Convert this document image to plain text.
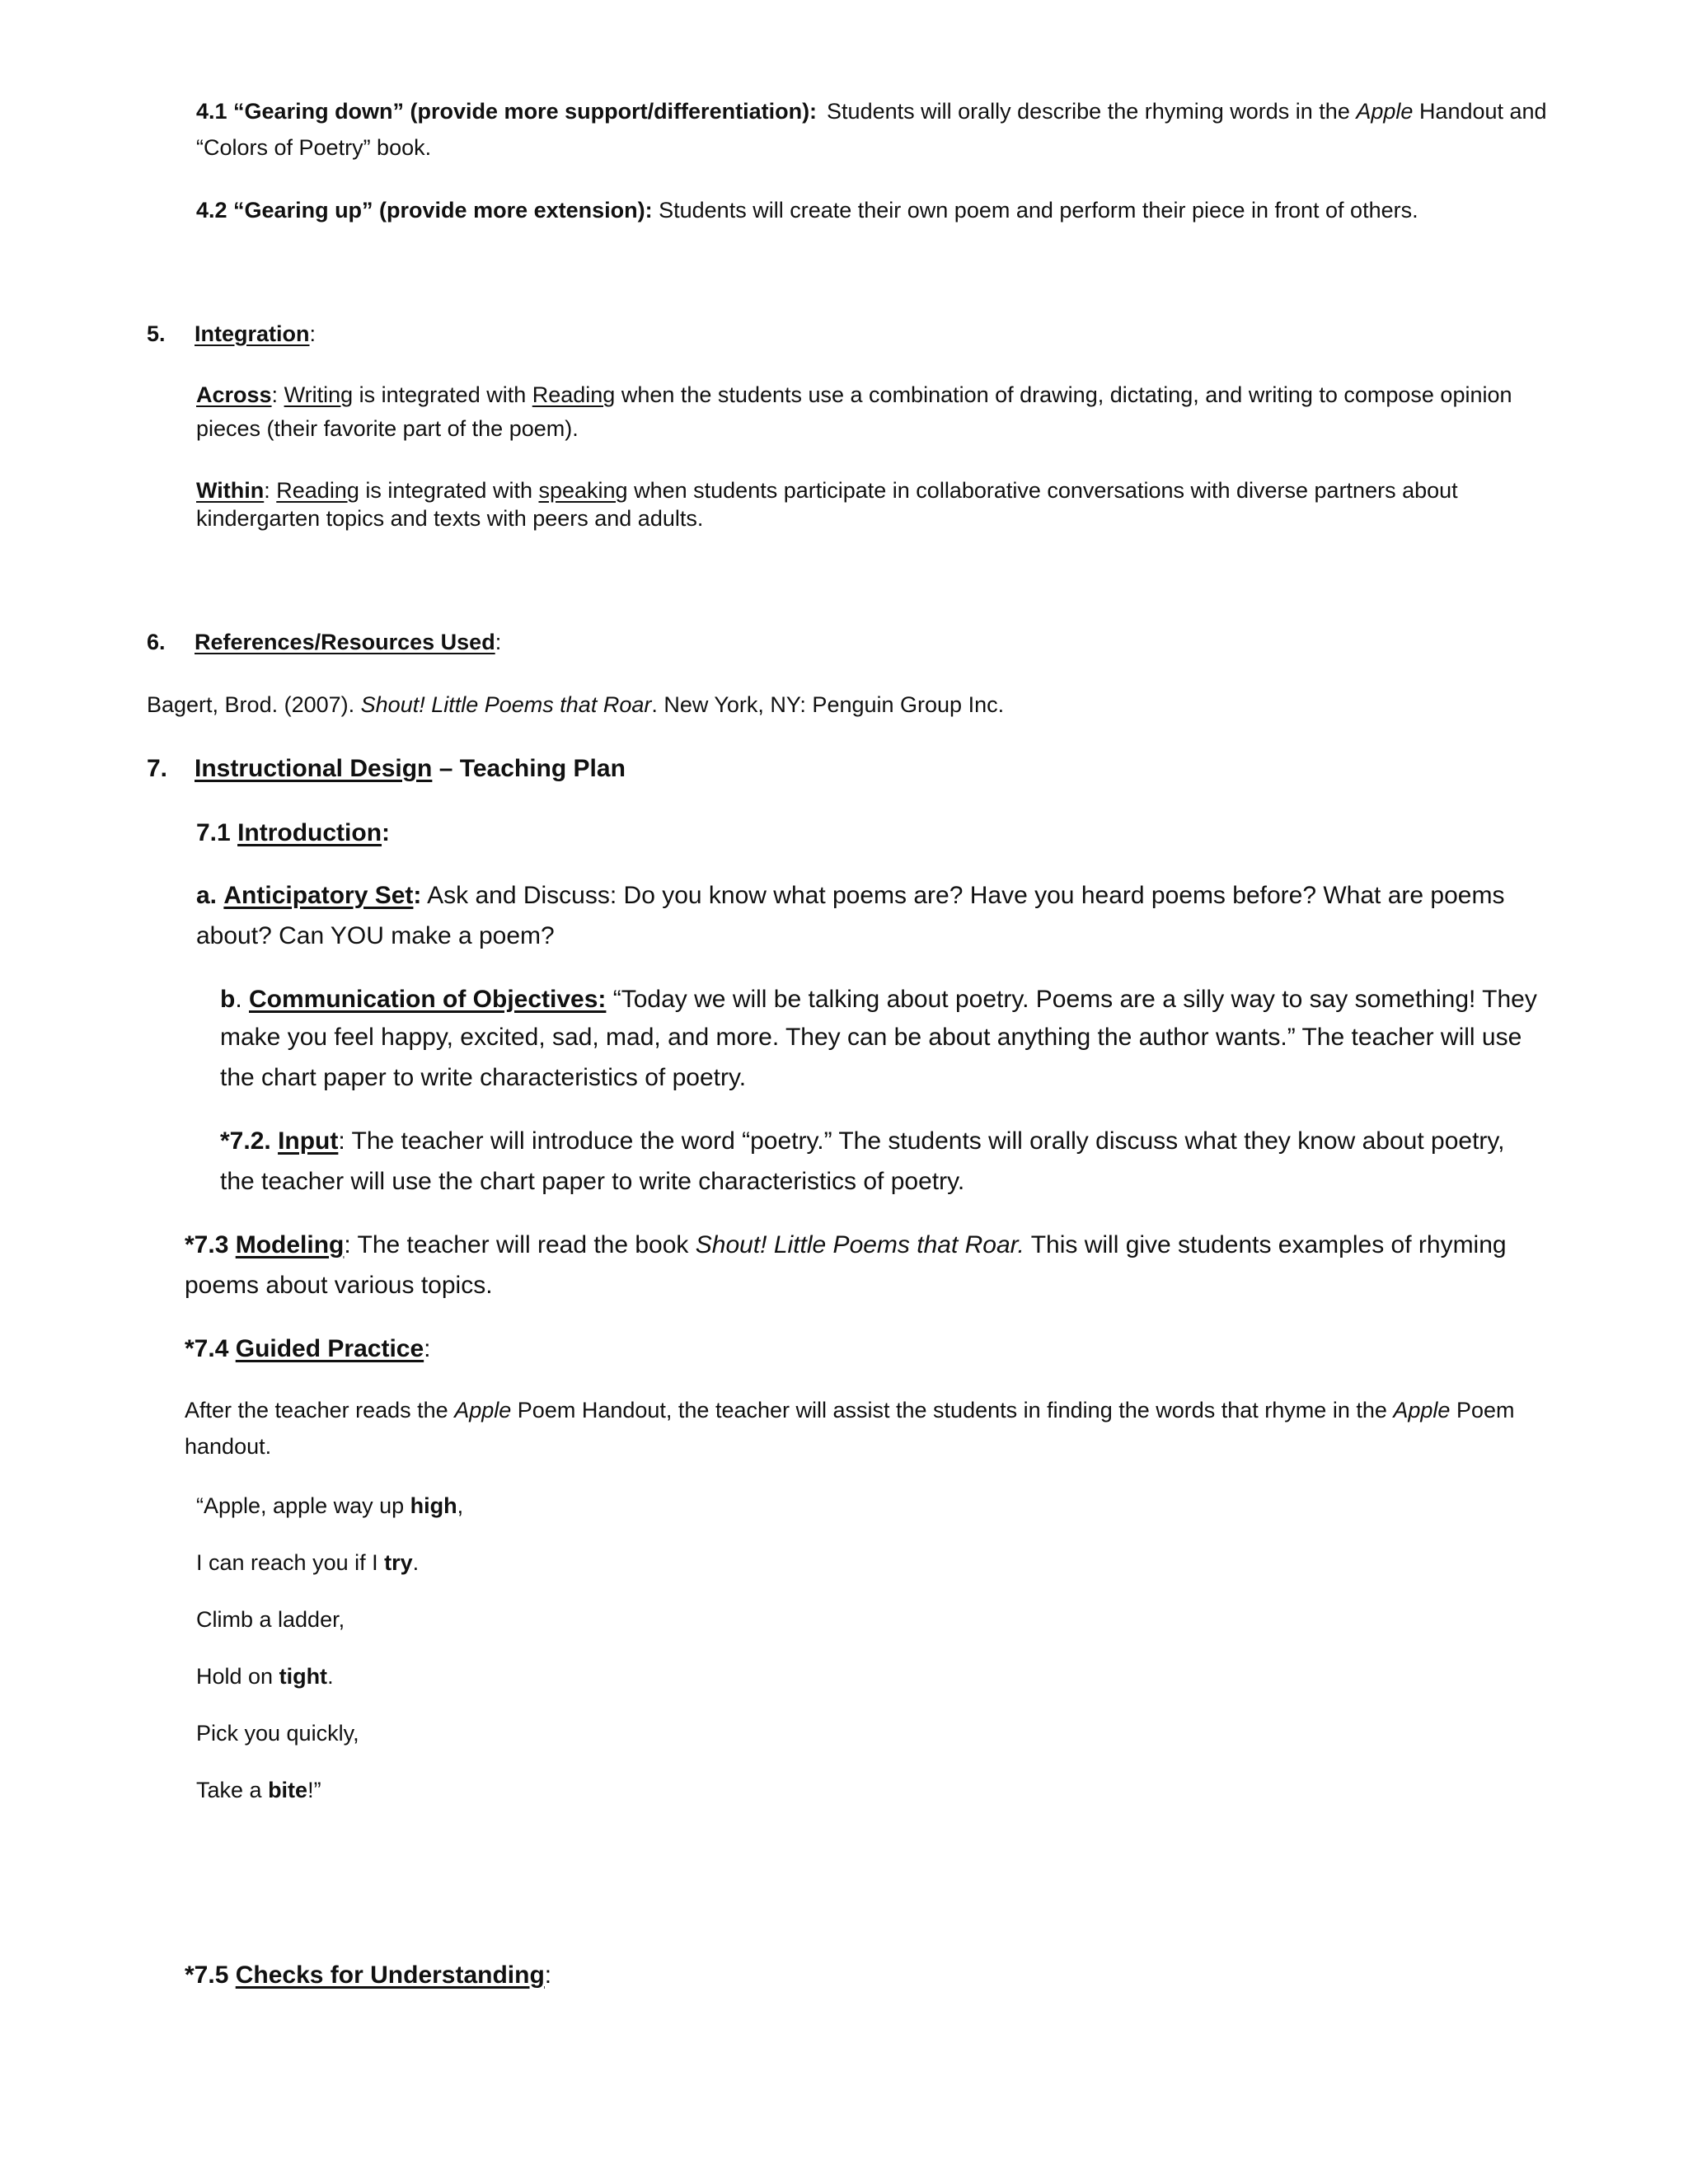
4.1 “Gearing down” (provide more support/differentiation): Students will orally describe the rhyming words in the Apple Handout and
“Colors of Poetry” book.
4.2 “Gearing up” (provide more extension): Students will create their own poem and perform their piece in front of others.
5. Integration:
Across: Writing is integrated with Reading when the students use a combination of drawing, dictating, and writing to compose opinion
pieces (their favorite part of the poem).
Within: Reading is integrated with speaking when students participate in collaborative conversations with diverse partners about
kindergarten topics and texts with peers and adults.
6. References/Resources Used:
Bagert, Brod. (2007). Shout! Little Poems that Roar. New York, NY: Penguin Group Inc.
7. Instructional Design – Teaching Plan
7.1 Introduction:
a. Anticipatory Set: Ask and Discuss: Do you know what poems are? Have you heard poems before? What are poems
about? Can YOU make a poem?
b. Communication of Objectives: “Today we will be talking about poetry. Poems are a silly way to say something! They
make you feel happy, excited, sad, mad, and more. They can be about anything the author wants.” The teacher will use
the chart paper to write characteristics of poetry.
*7.2. Input: The teacher will introduce the word “poetry.” The students will orally discuss what they know about poetry,
the teacher will use the chart paper to write characteristics of poetry.
*7.3 Modeling: The teacher will read the book Shout! Little Poems that Roar. This will give students examples of rhyming
poems about various topics.
*7.4 Guided Practice:
After the teacher reads the Apple Poem Handout, the teacher will assist the students in finding the words that rhyme in the Apple Poem
handout.
“Apple, apple way up high,
I can reach you if I try.
Climb a ladder,
Hold on tight.
Pick you quickly,
Take a bite!”
*7.5 Checks for Understanding:
